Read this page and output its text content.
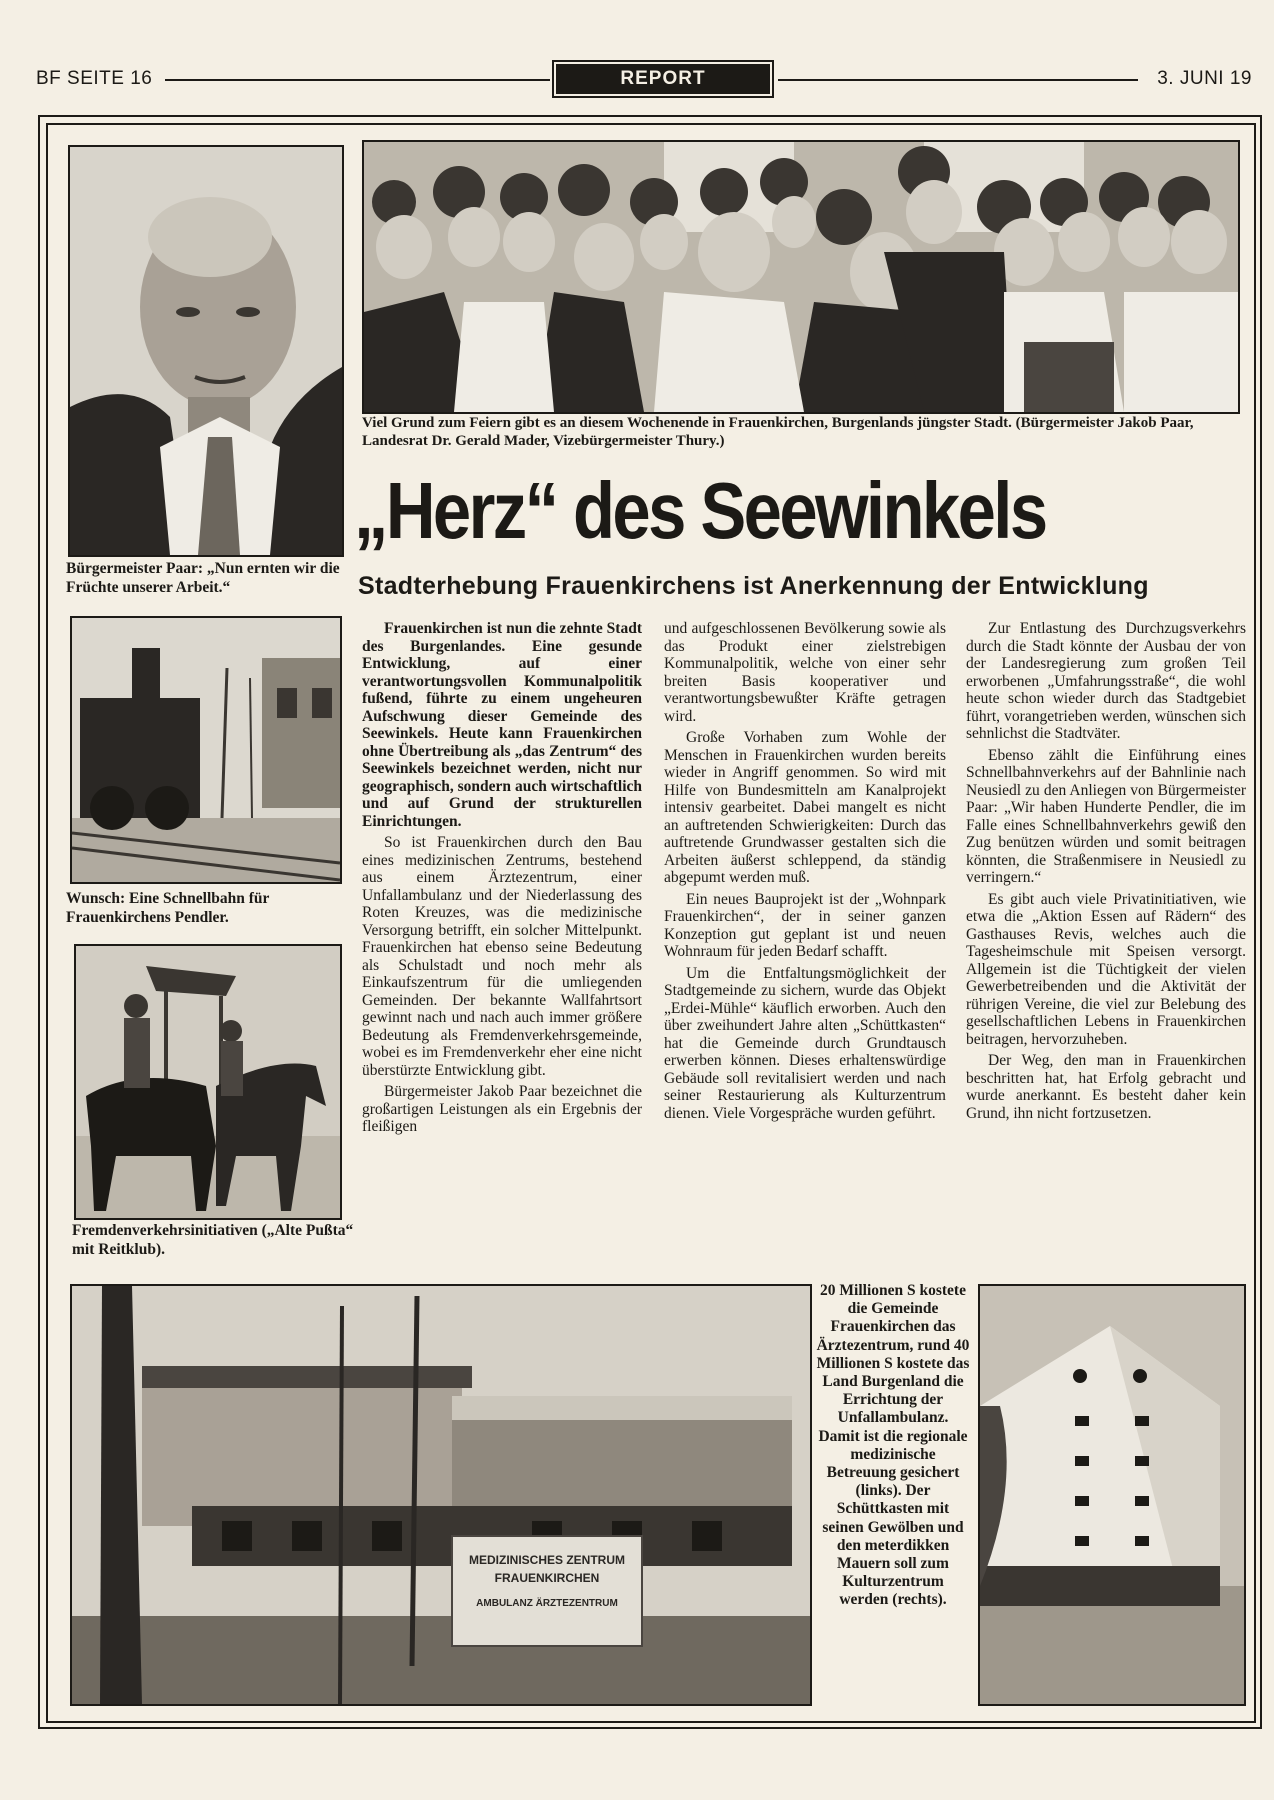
BF SEITE 16	REPORT	3. JUNI 19
Viel Grund zum Feiern gibt es an diesem Wochenende in Frauenkirchen, Burgenlands jüngster Stadt. (Bürgermeister Jakob Paar, Landesrat Dr. Gerald Mader, Vizebürgermeister Thury.)
Bürgermeister Paar: „Nun ernten wir die Früchte unserer Arbeit.“
„Herz“ des Seewinkels
Stadterhebung Frauenkirchens ist Anerkennung der Entwicklung
Wunsch: Eine Schnellbahn für Frauenkirchens Pendler.
Fremdenverkehrsinitiativen („Alte Pußta“ mit Reitklub).

Frauenkirchen ist nun die zehnte Stadt des Burgenlandes. Eine gesunde Entwicklung, auf einer verantwortungsvollen Kommunalpolitik fußend, führte zu einem ungeheuren Aufschwung dieser Gemeinde des Seewinkels. Heute kann Frauenkirchen ohne Übertreibung als „das Zentrum“ des Seewinkels bezeichnet werden, nicht nur geographisch, sondern auch wirtschaftlich und auf Grund der strukturellen Einrichtungen.

So ist Frauenkirchen durch den Bau eines medizinischen Zentrums, bestehend aus einem Ärztezentrum, einer Unfallambulanz und der Niederlassung des Roten Kreuzes, was die medizinische Versorgung betrifft, ein solcher Mittelpunkt. Frauenkirchen hat ebenso seine Bedeutung als Schulstadt und noch mehr als Einkaufszentrum für die umliegenden Gemeinden. Der bekannte Wallfahrtsort gewinnt nach und nach auch immer größere Bedeutung als Fremdenverkehrsgemeinde, wobei es im Fremdenverkehr eher eine nicht überstürzte Entwicklung gibt.

Bürgermeister Jakob Paar bezeichnet die großartigen Leistungen als ein Ergebnis der fleißigen

und aufgeschlossenen Bevölkerung sowie als das Produkt einer zielstrebigen Kommunalpolitik, welche von einer sehr breiten Basis kooperativer und verantwortungsbewußter Kräfte getragen wird.

Große Vorhaben zum Wohle der Menschen in Frauenkirchen wurden bereits wieder in Angriff genommen. So wird mit Hilfe von Bundesmitteln am Kanalprojekt intensiv gearbeitet. Dabei mangelt es nicht an auftretenden Schwierigkeiten: Durch das auftretende Grundwasser gestalten sich die Arbeiten äußerst schleppend, da ständig abgepumt werden muß.

Ein neues Bauprojekt ist der „Wohnpark Frauenkirchen“, der in seiner ganzen Konzeption gut geplant ist und neuen Wohnraum für jeden Bedarf schafft.

Um die Entfaltungsmöglichkeit der Stadtgemeinde zu sichern, wurde das Objekt „Erdei-Mühle“ käuflich erworben. Auch den über zweihundert Jahre alten „Schüttkasten“ hat die Gemeinde durch Grundtausch erwerben können. Dieses erhaltenswürdige Gebäude soll revitalisiert werden und nach seiner Restaurierung als Kulturzentrum dienen. Viele Vorgespräche wurden geführt.

Zur Entlastung des Durchzugsverkehrs durch die Stadt könnte der Ausbau der von der Landesregierung zum großen Teil erworbenen „Umfahrungsstraße“, die wohl heute schon wieder durch das Stadtgebiet führt, vorangetrieben werden, wünschen sich sehnlichst die Stadtväter.

Ebenso zählt die Einführung eines Schnellbahnverkehrs auf der Bahnlinie nach Neusiedl zu den Anliegen von Bürgermeister Paar: „Wir haben Hunderte Pendler, die im Falle eines Schnellbahnverkehrs gewiß den Zug benützen würden und somit beitragen könnten, die Straßenmisere in Neusiedl zu verringern.“

Es gibt auch viele Privatinitiativen, wie etwa die „Aktion Essen auf Rädern“ des Gasthauses Revis, welches auch die Tagesheimschule mit Speisen versorgt. Allgemein ist die Tüchtigkeit der vielen Gewerbetreibenden und die Aktivität der rührigen Vereine, die viel zur Belebung des gesellschaftlichen Lebens in Frauenkirchen beitragen, hervorzuheben.

Der Weg, den man in Frauenkirchen beschritten hat, hat Erfolg gebracht und wurde anerkannt. Es besteht daher kein Grund, ihn nicht fortzusetzen.

MEDIZINISCHES ZENTRUM
FRAUENKIRCHEN
AMBULANZ ÄRZTEZENTRUM
20 Millionen S kostete die Gemeinde Frauenkirchen das Ärztezentrum, rund 40 Millionen S kostete das Land Burgenland die Errichtung der Unfallambulanz. Damit ist die regionale medizinische Betreuung gesichert (links). Der Schüttkasten mit seinen Gewölben und den meterdikken Mauern soll zum Kulturzentrum werden (rechts).
